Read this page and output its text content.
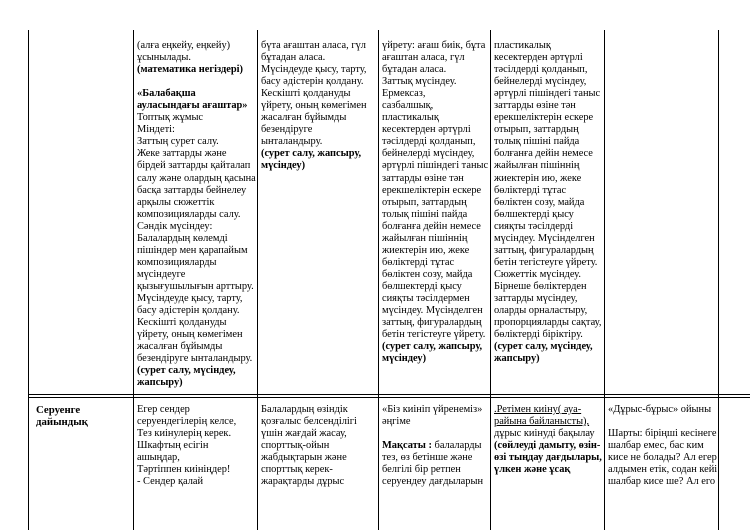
(алға еңкейу, еңкейу)
ұсынылады.
(математика негіздері)

«Балабақша
ауласындағы ағаштар»
Топтық жұмыс
Міндеті:
Заттың сурет салу.
Жеке заттарды және
бірдей заттарды қайталап
салу және олардың қасына
басқа заттарды бейнелеу
арқылы сюжеттік
композицияларды салу.
Сәндік мүсіндеу:
Балалардың көлемді
пішіндер мен қарапайым
композицияларды
мүсіндеуге
қызығушылығын арттыру.
Мүсіндеуде қысу, тарту,
басу әдістерін қолдану.
Кескішті қолдануды
үйрету, оның көмегімен
жасалған бұйымды
безендіруге ынталандыру.
(сурет салу, мүсіндеу,
жапсыру)
бүта ағаштан аласа, гүл
бұтадан аласа.
Мүсіндеуде қысу, тарту,
басу әдістерін қолдану.
Кескішті қолдануды
үйрету, оның көмегімен
жасалған бұйымды
безендіруге
ынталандыру.
(сурет салу, жапсыру,
мүсіндеу)
үйрету: ағаш биік, бұта
ағаштан аласа, гүл
бұтадан аласа.
Заттық мүсіндеу.
Ермексаз,
сазбалшық,
пластикалық
кесектерден әртүрлі
тәсілдерді қолданып,
бейнелерді мүсіндеу,
әртүрлі пішіндегі таныс
заттарды өзіне тән
ерекшеліктерін ескере
отырып, заттардың
толық пішіні пайда
болғанға дейін немесе
жайылған пішіннің
жиектерін ию, жеке
бөліктерді тұтас
бөліктен созу, майда
бөлшектерді қысу
сияқты тәсілдермен
мүсіндеу. Мүсінделген
заттың, фигуралардың
бетін тегістеуге үйрету.
(сурет салу, жапсыру,
мүсіндеу)
пластикалық
кесектерден әртүрлі
тәсілдерді қолданып,
бейнелерді мүсіндеу,
әртүрлі пішіндегі таныс
заттарды өзіне тән
ерекшеліктерін ескере
отырып, заттардың
толық пішіні пайда
болғанға дейін немесе
жайылған пішіннің
жиектерін ию, жеке
бөліктерді тұтас
бөліктен созу, майда
бөлшектерді қысу
сияқты тәсілдерді
мүсіндеу. Мүсінделген
заттың, фигуралардың
бетін тегістеуге үйрету.
Сюжеттік мүсіндеу.
Бірнеше бөліктерден
заттарды мүсіндеу,
оларды орналастыру,
пропорцияларды сақтау,
бөліктерді біріктіру.
(сурет салу, мүсіндеу,
жапсыру)
Серуенге
дайындық
Егер сендер
серуендегілерің келсе,
Тез киінулерің керек.
Шкафтың есігін
ашыңдар,
Тәртіппен киініңдер!
- Сендер қалай
Балалардың өзіндік
қозғалыс белсенділігі
үшін жағдай жасау,
спорттық-ойын
жабдықтарын және
спорттық керек-
жарақтарды дұрыс
«Біз киініп үйренеміз»
әңгіме

Мақсаты : балаларды
тез, өз бетінше және
белгілі бір ретпен
серуендеу дағдыларын
.Ретімен киіну( ауа-
райына байланысты),
дұрыс киінуді бақылау
(сөйлеуді дамыту, өзін-
өзі тыңдау дағдылары,
үлкен және ұсақ
«Дұрыс-бұрыс» ойыны

Шарты: біріңші кесінеге
шалбар емес, бас ким
кисе не болады? Ал егер
алдымен етік, содан кейі
шалбар кисе ше? Ал его
